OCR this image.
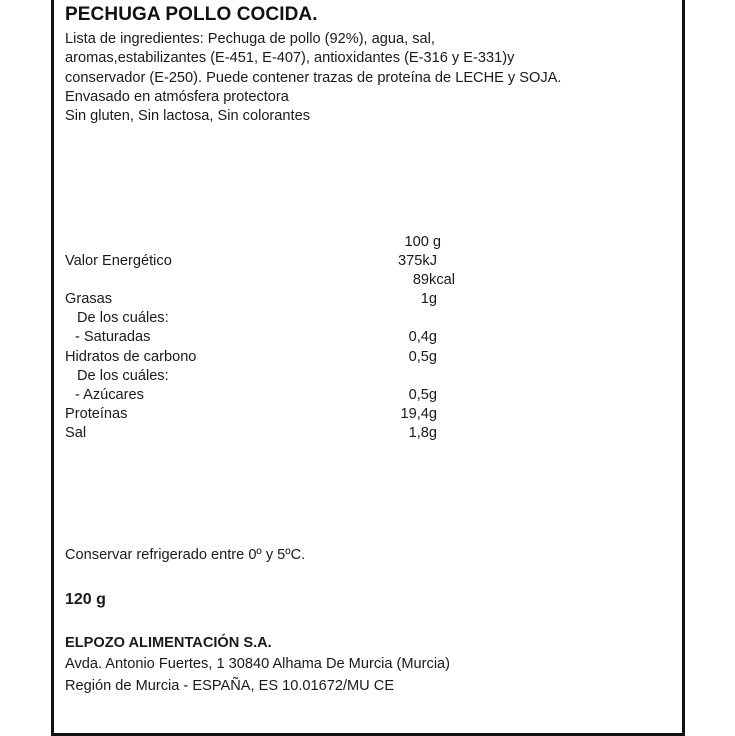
PECHUGA POLLO COCIDA.
Lista de ingredientes: Pechuga de pollo (92%), agua, sal,
aromas,estabilizantes (E-451, E-407), antioxidantes (E-316 y E-331)y
conservador (E-250). Puede contener trazas de proteína de LECHE y SOJA.
Envasado en atmósfera protectora
Sin gluten, Sin lactosa, Sin colorantes
100 g
Valor Energético	375kJ
89kcal
Grasas	1g
De los cuáles:
- Saturadas	0,4g
Hidratos de carbono	0,5g
De los cuáles:
- Azúcares	0,5g
Proteínas	19,4g
Sal	1,8g
Conservar refrigerado entre 0º y 5ºC.
120 g
ELPOZO ALIMENTACIÓN S.A.
Avda. Antonio Fuertes, 1 30840 Alhama De Murcia (Murcia)
Región de Murcia - ESPAÑA, ES 10.01672/MU CE
